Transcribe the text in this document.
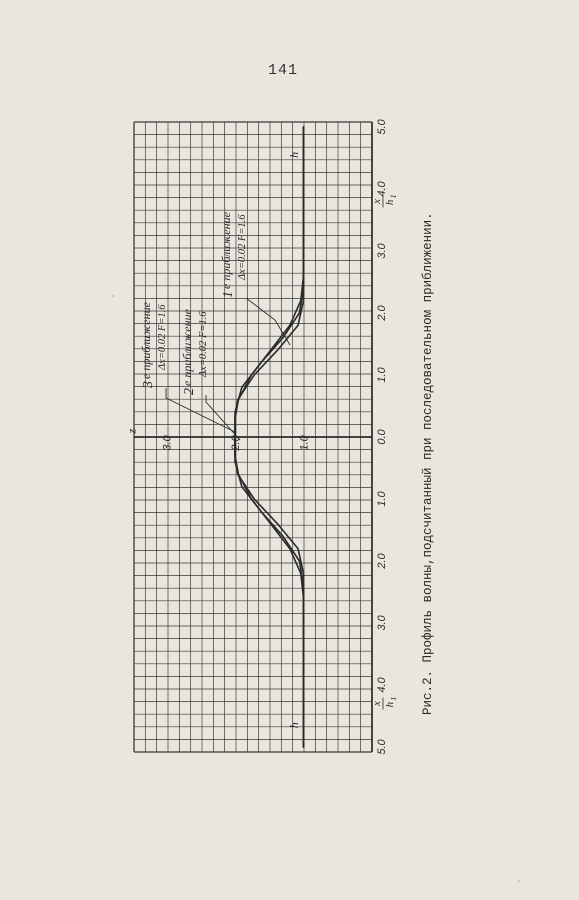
141
5.0
4.0
3.0
2.0
1.0
0.0
1.0
2.0
3.0
4.0
5.0
1.0
2.0
3.0
z
x h
1
x h
1
h
h
3
е приближение Δx=0.02 F=1.6
2
е приближение Δx=0.02 F=1.6
1
е приближение Δx=0.02 F=1.6	Рис.2. Профиль волны,подсчитанный при последовательном приближении.
